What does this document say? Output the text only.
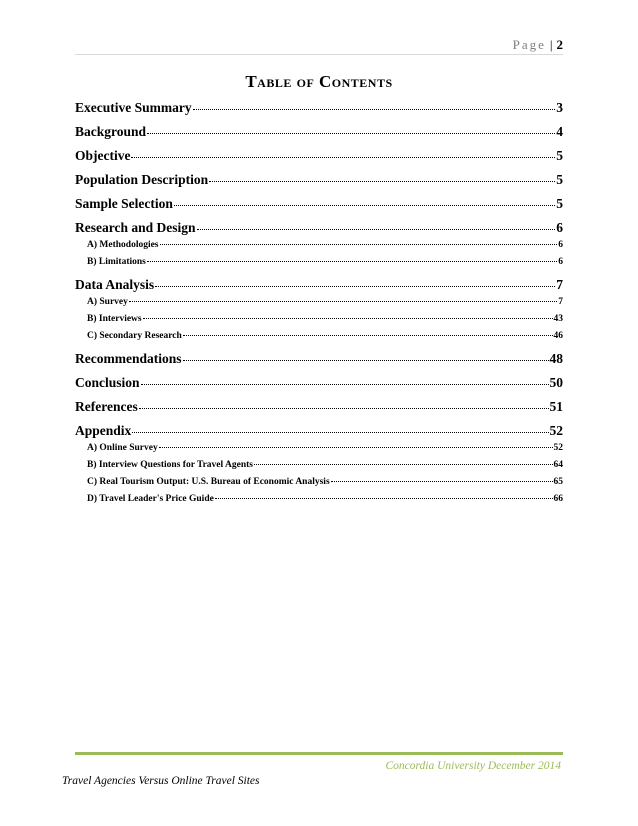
Page | 2
Table of Contents
Executive Summary	3
Background	4
Objective	5
Population Description	5
Sample Selection	5
Research and Design	6
A) Methodologies	6
B) Limitations	6
Data Analysis	7
A) Survey	7
B) Interviews	43
C) Secondary Research	46
Recommendations	48
Conclusion	50
References	51
Appendix	52
A) Online Survey	52
B) Interview Questions for Travel Agents	64
C) Real Tourism Output: U.S. Bureau of Economic Analysis	65
D) Travel Leader's Price Guide	66
Concordia University December 2014
Travel Agencies Versus Online Travel Sites
